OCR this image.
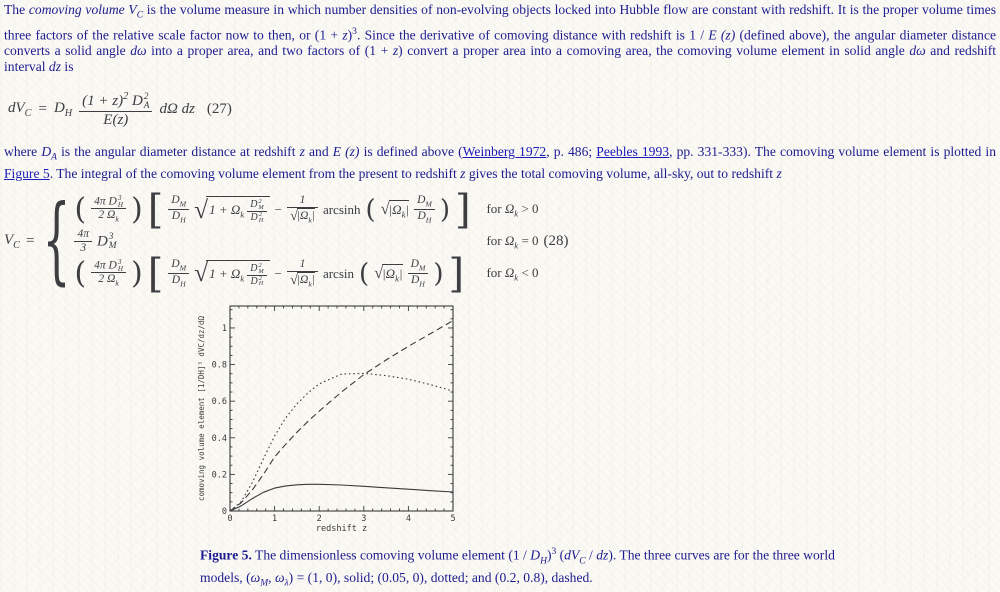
The comoving volume $V_C$ is the volume measure in which number densities of non-evolving objects locked into Hubble flow are constant with redshift. It is the proper volume times three factors of the relative scale factor now to then, or $(1 + z)^3$. Since the derivative of comoving distance with redshift is 1 / E (z) (defined above), the angular diameter distance converts a solid angle dω into a proper area, and two factors of (1 + z) convert a proper area into a comoving area, the comoving volume element in solid angle dω and redshift interval dz is

$dV_C = D_H$ $(1 + z)^2$ D 2
A
E(z) dΩ dz (27)

where $D_A$ is the angular diameter distance at redshift z and E (z) is defined above (Weinberg 1972, p. 486; Peebles 1993, pp. 331-333). The comoving volume element is plotted in Figure 5. The integral of the comoving volume element from the present to redshift z gives the total comoving volume, all-sky, out to redshift z

$V_C$ = { ( 4π D 3
H
2 $\Omega_k$ ) [ $\frac{D_M}{D_H}$ √ $1 + \Omega_k$ D 2
M
D 2
$H - \frac{1}{√ |\Omega_k|}$ arcsinh ( √ $|\Omega_k| \frac{D_M}{D_H}$ ) ]	for $\Omega_k > 0$
$\frac{4\pi}{3}$ D 3
M	for $\Omega_k = 0$
( 4π D 3
H
2 $\Omega_k$ ) [ $\frac{D_M}{D_H}$ √ $1 + \Omega_k$ D 2
M
D 2
$H - \frac{1}{√ |\Omega_k|}$ arcsin ( √ $|\Omega_k| \frac{D_M}{D_H}$ ) ]	for $\Omega_k < 0$
(28)
0	1	2	3	4	5
0
0.2
0.4
0.6
0.8
1
redshift z
comoving volume element [1/DH]³ dVC/dz/dΩ

Figure 5. The dimensionless comoving volume element $(1 / D_H)^3$ $(dV_C / dz)$. The three curves are for the three world models, ($\omega_M$, $\omega_\lambda) = (1$, 0), solid; (0.05, 0), dotted; and (0.2, 0.8), dashed.
